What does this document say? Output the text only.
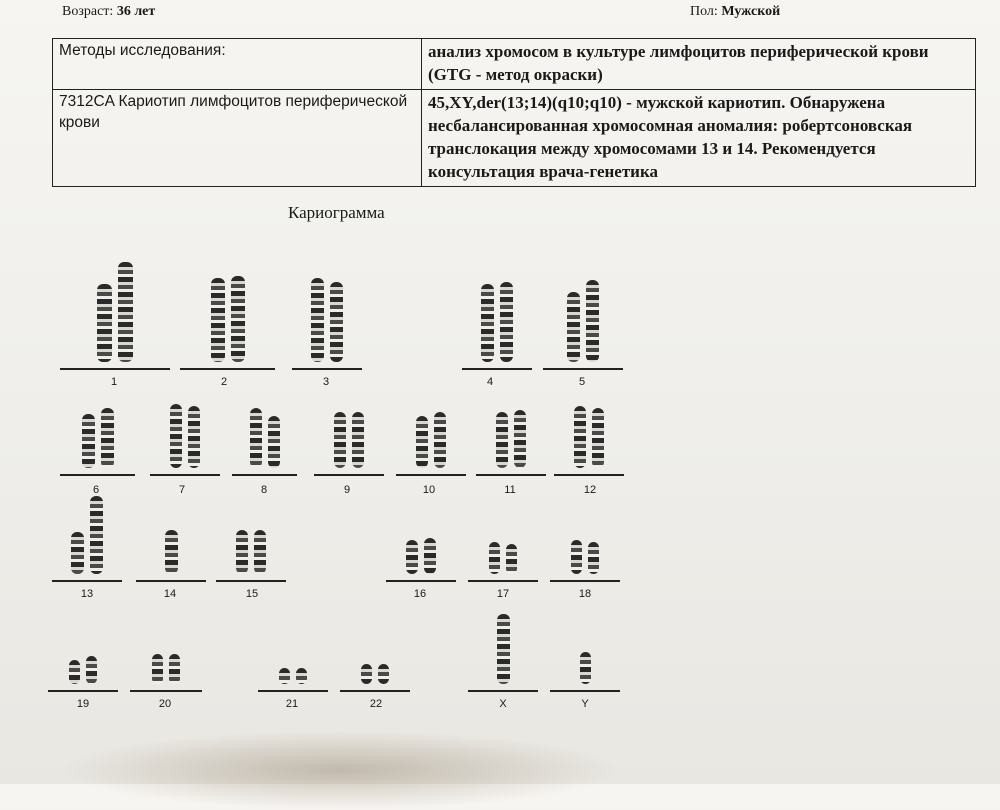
Возраст: 36 лет	Пол: Мужской
Методы исследования:	анализ хромосом в культуре лимфоцитов периферической крови (GTG - метод окраски)
7312CA Кариотип лимфоцитов периферической крови	45,XY,der(13;14)(q10;q10) - мужской кариотип. Обнаружена несбалансированная хромосомная аномалия: робертсоновская транслокация между хромосомами 13 и 14. Рекомендуется консультация врача-генетика
Кариограмма
1	2	3	4	5
6	7	8	9	10	11	12
13	14	15	16	17	18
19	20	21	22	X	Y
